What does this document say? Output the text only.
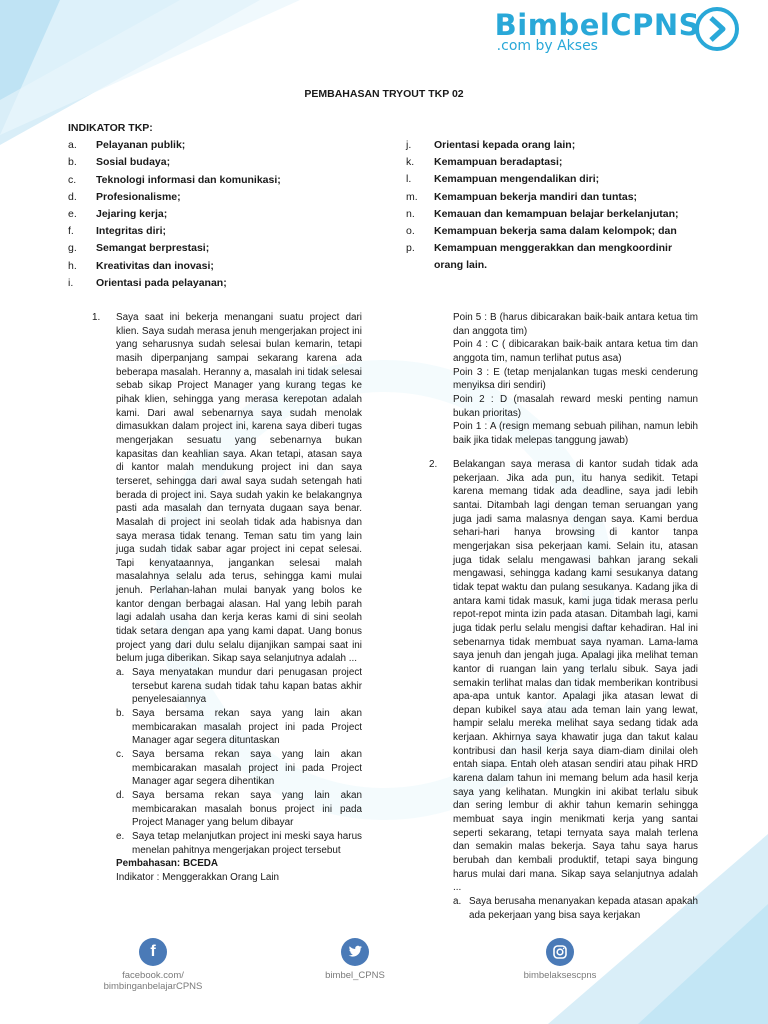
BimbelCPNS
.com by Akses
PEMBAHASAN TRYOUT TKP 02
INDIKATOR TKP:
a.	Pelayanan publik;
b.	Sosial budaya;
c.	Teknologi informasi dan komunikasi;
d.	Profesionalisme;
e.	Jejaring kerja;
f.	Integritas diri;
g.	Semangat berprestasi;
h.	Kreativitas dan inovasi;
i.	Orientasi pada pelayanan;
j.	Orientasi kepada orang lain;
k.	Kemampuan beradaptasi;
l.	Kemampuan mengendalikan diri;
m.	Kemampuan bekerja mandiri dan tuntas;
n.	Kemauan dan kemampuan belajar berkelanjutan;
o.	Kemampuan bekerja sama dalam kelompok; dan
p.	Kemampuan menggerakkan dan mengkoordinir orang lain.
1. Saya saat ini bekerja menangani suatu project dari klien. Saya sudah merasa jenuh mengerjakan project ini yang seharusnya sudah selesai bulan kemarin, tetapi masih diperpanjang sampai sekarang karena ada beberapa masalah. Heranny a, masalah ini tidak selesai sebab sikap Project Manager yang kurang tegas ke pihak klien, sehingga yang merasa kerepotan adalah kami. Dari awal sebenarnya saya sudah menolak dimasukkan dalam project ini, karena saya diberi tugas mengerjakan sesuatu yang sebenarnya bukan kapasitas dan keahlian saya. Akan tetapi, atasan saya di kantor malah mendukung project ini dan saya terseret, sehingga dari awal saya sudah setengah hati berada di project ini. Saya sudah yakin ke belakangnya pasti ada masalah dan ternyata dugaan saya benar. Masalah di project ini seolah tidak ada habisnya dan saya merasa tidak tenang. Teman satu tim yang lain juga sudah tidak sabar agar project ini cepat selesai. Tapi kenyataannya, jangankan selesai malah masalahnya selalu ada terus, sehingga kami mulai jenuh. Perlahan-lahan mulai banyak yang bolos ke kantor dengan berbagai alasan. Hal yang lebih parah lagi adalah usaha dan kerja keras kami di sini seolah tidak setara dengan apa yang kami dapat. Uang bonus project yang dari dulu selalu dijanjikan sampai saat ini belum juga diberikan. Sikap saya selanjutnya adalah ...
a. Saya menyatakan mundur dari penugasan project tersebut karena sudah tidak tahu kapan batas akhir penyelesaiannya
b. Saya bersama rekan saya yang lain akan membicarakan masalah project ini pada Project Manager agar segera dituntaskan
c. Saya bersama rekan saya yang lain akan membicarakan masalah project ini pada Project Manager agar segera dihentikan
d. Saya bersama rekan saya yang lain akan membicarakan masalah bonus project ini pada Project Manager yang belum dibayar
e. Saya tetap melanjutkan project ini meski saya harus menelan pahitnya mengerjakan project tersebut
Pembahasan: BCEDA
Indikator : Menggerakkan Orang Lain
Poin 5 : B (harus dibicarakan baik-baik antara ketua tim dan anggota tim)
Poin 4 : C ( dibicarakan baik-baik antara ketua tim dan anggota tim, namun terlihat putus asa)
Poin 3 : E (tetap menjalankan tugas meski cenderung menyiksa diri sendiri)
Poin 2 : D (masalah reward meski penting namun bukan prioritas)
Poin 1 : A (resign memang sebuah pilihan, namun lebih baik jika tidak melepas tanggung jawab)
2. Belakangan saya merasa di kantor sudah tidak ada pekerjaan. Jika ada pun, itu hanya sedikit. Tetapi karena memang tidak ada deadline, saya jadi lebih santai. Ditambah lagi dengan teman seruangan yang juga jadi sama malasnya dengan saya. Kami berdua sehari-hari hanya browsing di kantor tanpa mengerjakan sisa pekerjaan kami. Selain itu, atasan juga tidak selalu mengawasi bahkan jarang sekali mengawasi, sehingga kadang kami sesukanya datang tidak tepat waktu dan pulang sesukanya. Kadang jika di antara kami tidak masuk, kami juga tidak merasa perlu repot-repot minta izin pada atasan. Ditambah lagi, kami juga tidak perlu selalu mengisi daftar kehadiran. Hal ini sebenarnya tidak membuat saya nyaman. Lama-lama saya jenuh dan jengah juga. Apalagi jika melihat teman kantor di ruangan lain yang terlalu sibuk. Saya jadi semakin terlihat malas dan tidak memberikan kontribusi apa-apa untuk kantor. Apalagi jika atasan lewat di depan kubikel saya atau ada teman lain yang lewat, hampir selalu mereka melihat saya sedang tidak ada kerjaan. Akhirnya saya khawatir juga dan takut kalau kontribusi dan hasil kerja saya diam-diam dinilai oleh entah siapa. Entah oleh atasan sendiri atau pihak HRD karena dalam tahun ini memang belum ada hasil kerja saya yang kelihatan. Mungkin ini akibat terlalu sibuk dan sering lembur di akhir tahun kemarin sehingga membuat saya ingin menikmati kerja yang santai seperti sekarang, tetapi ternyata saya malah terlena dan semakin malas bekerja. Saya tahu saya harus berubah dan kembali produktif, tetapi saya bingung harus mulai dari mana. Sikap saya selanjutnya adalah ...
a. Saya berusaha menanyakan kepada atasan apakah ada pekerjaan yang bisa saya kerjakan
f
facebook.com/ bimbinganbelajarCPNS
bimbel_CPNS	bimbelaksescpns
